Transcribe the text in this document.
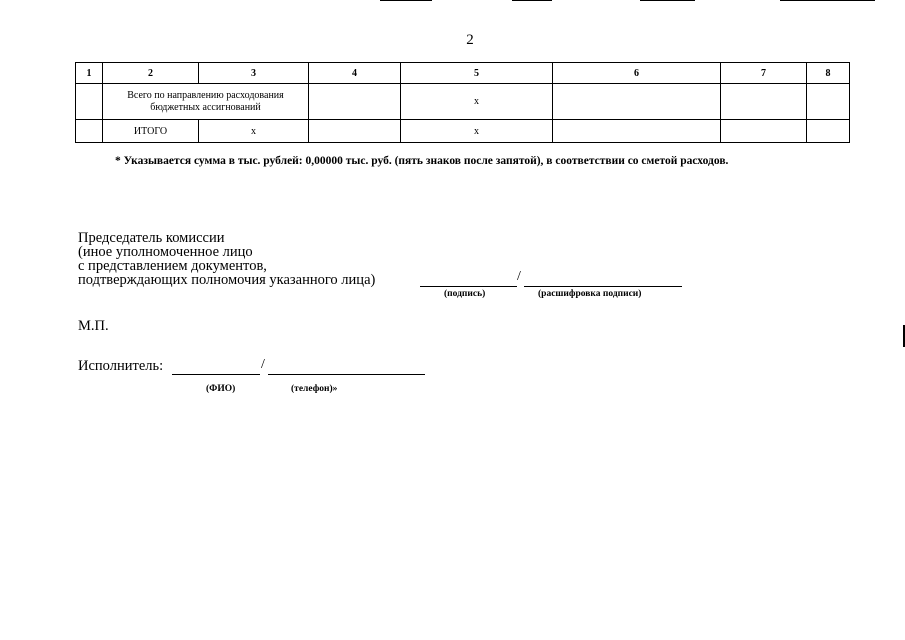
2
1	2	3	4	5	6	7	8
	Всего по направлению расходования бюджетных ассигнований			х			
	ИТОГО	х		х			
* Указывается сумма в тыс. рублей: 0,00000 тыс. руб. (пять знаков после запятой), в соответствии со сметой расходов.
Председатель комиссии
(иное уполномоченное лицо
с представлением документов,
подтверждающих полномочия указанного лица)	/
(подпись)	(расшифровка подписи)
М.П.
Исполнитель:	/
(ФИО)	(телефон)»
